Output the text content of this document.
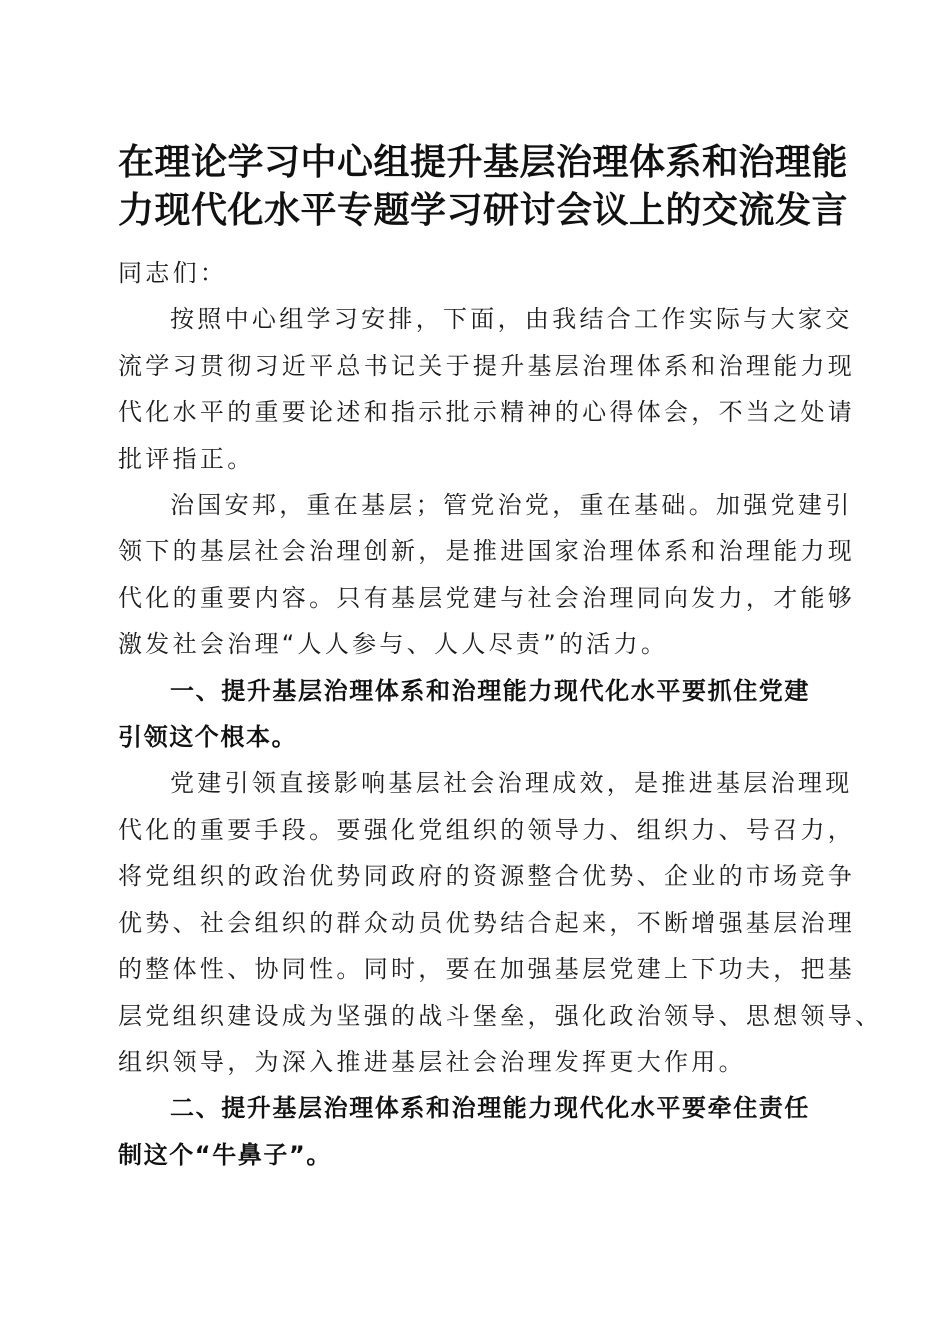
在理论学习中心组提升基层治理体系和治理能
力现代化水平专题学习研讨会议上的交流发言
同志们：
按照中心组学习安排，下面，由我结合工作实际与大家交
流学习贯彻习近平总书记关于提升基层治理体系和治理能力现
代化水平的重要论述和指示批示精神的心得体会，不当之处请
批评指正。
治国安邦，重在基层；管党治党，重在基础。加强党建引
领下的基层社会治理创新，是推进国家治理体系和治理能力现
代化的重要内容。只有基层党建与社会治理同向发力，才能够
激发社会治理“人人参与、人人尽责”的活力。
一、提升基层治理体系和治理能力现代化水平要抓住党建
引领这个根本。
党建引领直接影响基层社会治理成效，是推进基层治理现
代化的重要手段。要强化党组织的领导力、组织力、号召力，
将党组织的政治优势同政府的资源整合优势、企业的市场竞争
优势、社会组织的群众动员优势结合起来，不断增强基层治理
的整体性、协同性。同时，要在加强基层党建上下功夫，把基
层党组织建设成为坚强的战斗堡垒，强化政治领导、思想领导、
组织领导，为深入推进基层社会治理发挥更大作用。
二、提升基层治理体系和治理能力现代化水平要牵住责任
制这个“牛鼻子”。
